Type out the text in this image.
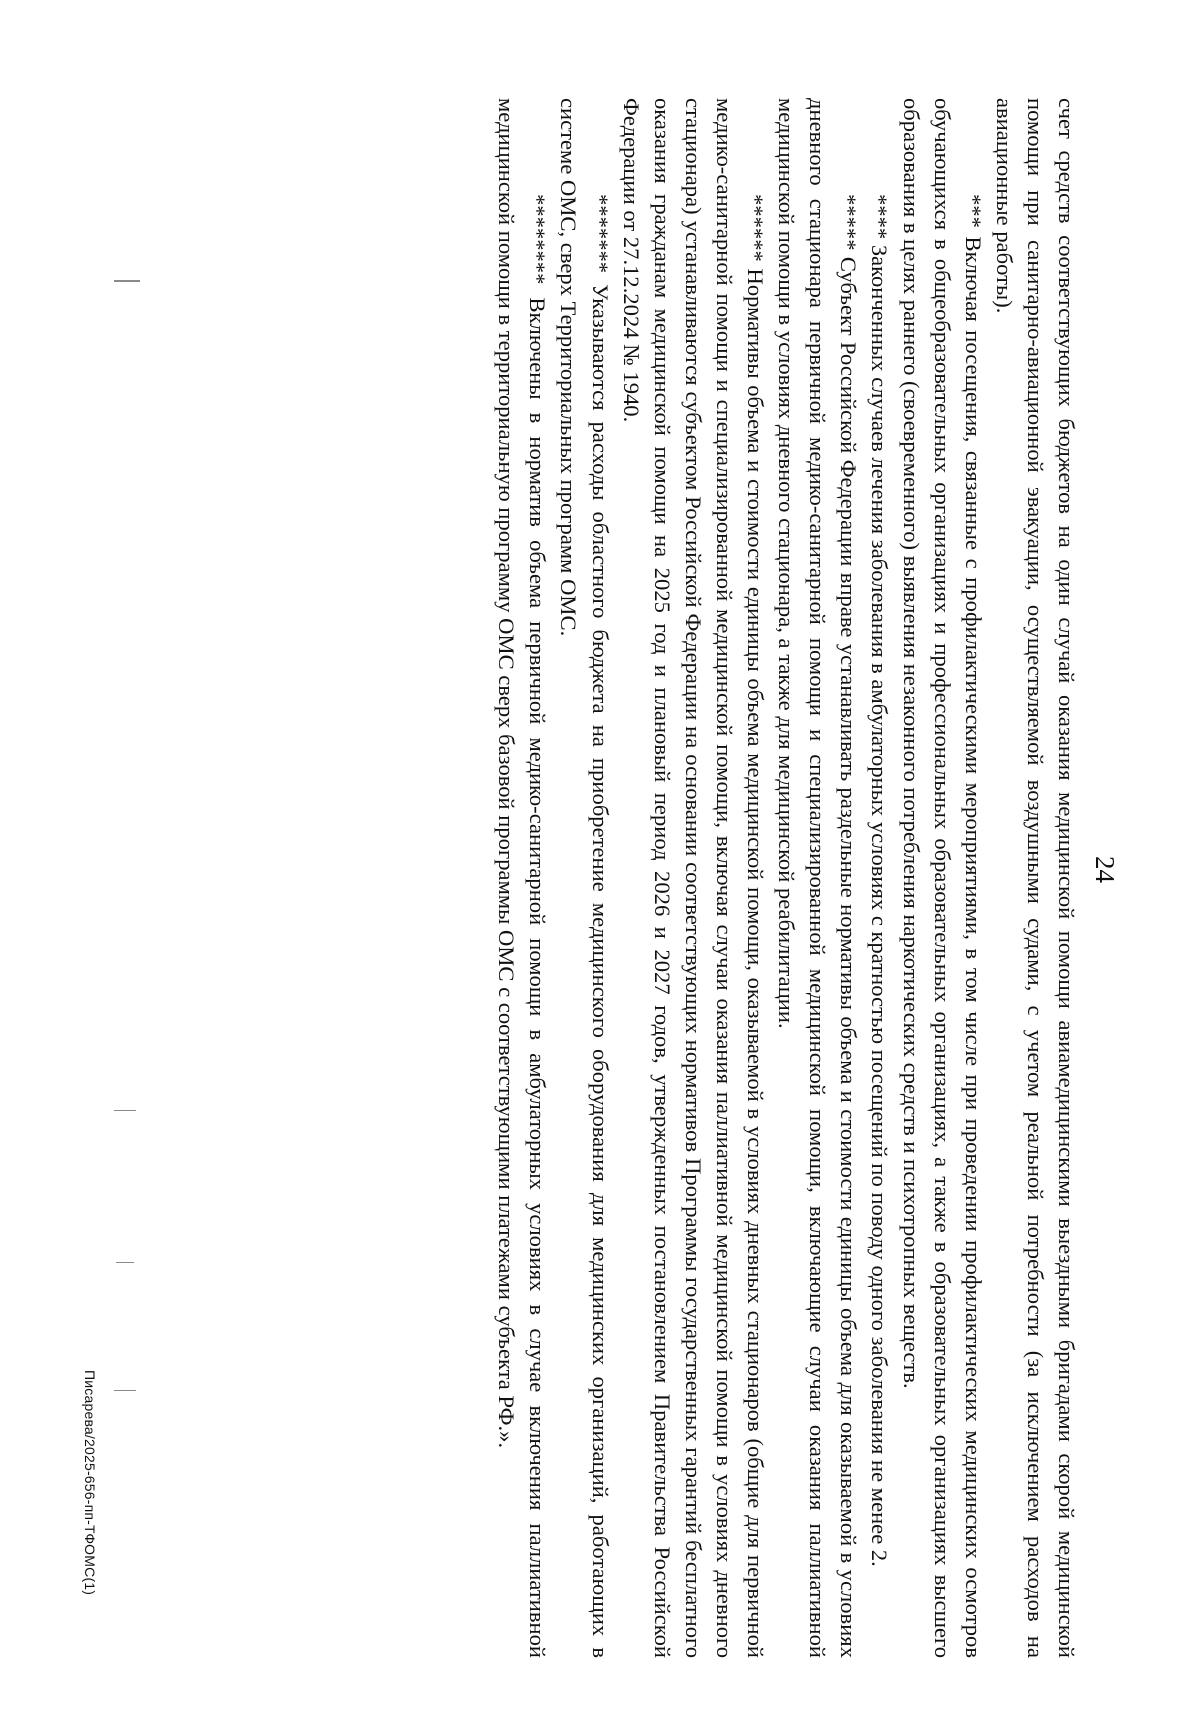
24

счет средств соответствующих бюджетов на один случай оказания медицинской помощи авиамедицинскими выездными бригадами скорой медицинской помощи при санитарно-авиационной эвакуации, осуществляемой воздушными судами, с учетом реальной потребности (за исключением расходов на авиационные работы).

*** Включая посещения, связанные с профилактическими мероприятиями, в том числе при проведении профилактических медицинских осмотров обучающихся в общеобразовательных организациях и профессиональных образовательных организациях, а также в образовательных организациях высшего образования в целях раннего (своевременного) выявления незаконного потребления наркотических средств и психотропных веществ.

**** Законченных случаев лечения заболевания в амбулаторных условиях с кратностью посещений по поводу одного заболевания не менее 2.

***** Субъект Российской Федерации вправе устанавливать раздельные нормативы объема и стоимости единицы объема для оказываемой в условиях дневного стационара первичной медико-санитарной помощи и специализированной медицинской помощи, включающие случаи оказания паллиативной медицинской помощи в условиях дневного стационара, а также для медицинской реабилитации.

****** Нормативы объема и стоимости единицы объема медицинской помощи, оказываемой в условиях дневных стационаров (общие для первичной медико-санитарной помощи и специализированной медицинской помощи, включая случаи оказания паллиативной медицинской помощи в условиях дневного стационара) устанавливаются субъектом Российской Федерации на основании соответствующих нормативов Программы государственных гарантий бесплатного оказания гражданам медицинской помощи на 2025 год и плановый период 2026 и 2027 годов, утвержденных постановлением Правительства Российской Федерации от 27.12.2024 № 1940.

******* Указываются расходы областного бюджета на приобретение медицинского оборудования для медицинских организаций, работающих в системе ОМС, сверх Территориальных программ ОМС.

******** Включены в норматив объема первичной медико-санитарной помощи в амбулаторных условиях в случае включения паллиативной медицинской помощи в территориальную программу ОМС сверх базовой программы ОМС с соответствующими платежами субъекта РФ.».

Писарева/2025-656-пп-ТФОМС(1)
